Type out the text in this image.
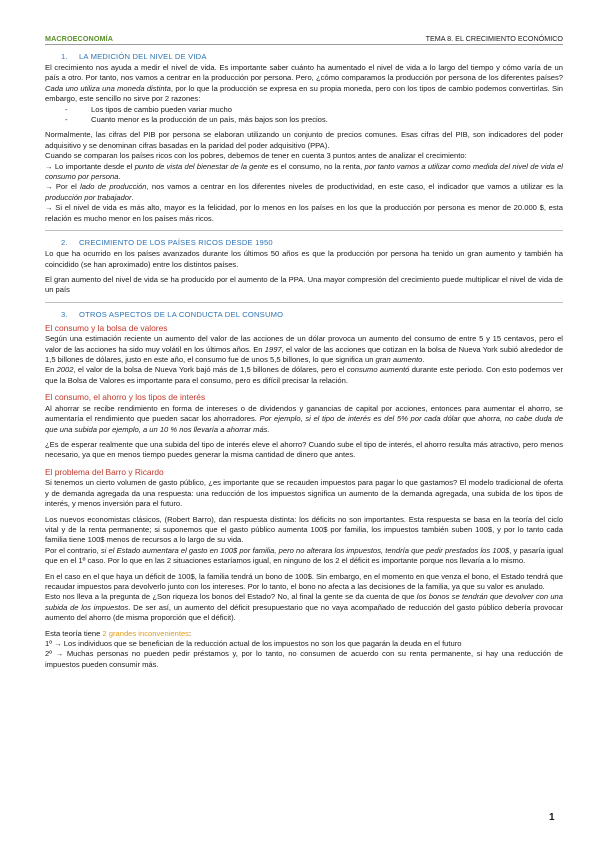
MACROECONOMÍA	TEMA 8. EL CRECIMIENTO ECONÓMICO
1. LA MEDICIÓN DEL NIVEL DE VIDA

El crecimiento nos ayuda a medir el nivel de vida. Es importante saber cuánto ha aumentado el nivel de vida a lo largo del tiempo y cómo varía de un país a otro. Por tanto, nos vamos a centrar en la producción por persona. Pero, ¿cómo comparamos la producción por persona de los diferentes países? Cada uno utiliza una moneda distinta, por lo que la producción se expresa en su propia moneda, pero con los tipos de cambio podemos convertirlas. Sin embargo, este sencillo no sirve por 2 razones:

- Los tipos de cambio pueden variar mucho
- Cuanto menor es la producción de un país, más bajos son los precios.

Normalmente, las cifras del PIB por persona se elaboran utilizando un conjunto de precios comunes. Esas cifras del PIB, son indicadores del poder adquisitivo y se denominan cifras basadas en la paridad del poder adquisitivo (PPA).

Cuando se comparan los países ricos con los pobres, debemos de tener en cuenta 3 puntos antes de analizar el crecimiento:

→ Lo importante desde el punto de vista del bienestar de la gente es el consumo, no la renta, por tanto vamos a utilizar como medida del nivel de vida el consumo por persona.

→ Por el lado de producción, nos vamos a centrar en los diferentes niveles de productividad, en este caso, el indicador que vamos a utilizar es la producción por trabajador.

→ Si el nivel de vida es más alto, mayor es la felicidad, por lo menos en los países en los que la producción por persona es menor de 20.000 $, esta relación es mucho menor en los países más ricos.

2. CRECIMIENTO DE LOS PAÍSES RICOS DESDE 1950

Lo que ha ocurrido en los países avanzados durante los últimos 50 años es que la producción por persona ha tenido un gran aumento y también ha coincidido (se han aproximado) entre los distintos países.

El gran aumento del nivel de vida se ha producido por el aumento de la PPA. Una mayor compresión del crecimiento puede multiplicar el nivel de vida de un país

3. OTROS ASPECTOS DE LA CONDUCTA DEL CONSUMO
El consumo y la bolsa de valores

Según una estimación reciente un aumento del valor de las acciones de un dólar provoca un aumento del consumo de entre 5 y 15 centavos, pero el valor de las acciones ha sido muy volátil en los últimos años. En 1997, el valor de las acciones que cotizan en la bolsa de Nueva York subió alrededor de 1,5 billones de dólares, justo en este año, el consumo fue de unos 5,5 billones, lo que significa un gran aumento.

En 2002, el valor de la bolsa de Nueva York bajó más de 1,5 billones de dólares, pero el consumo aumentó durante este periodo. Con esto podemos ver que la Bolsa de Valores es importante para el consumo, pero es difícil precisar la relación.

El consumo, el ahorro y los tipos de interés

Al ahorrar se recibe rendimiento en forma de intereses o de dividendos y ganancias de capital por acciones, entonces para aumentar el ahorro, se aumentaría el rendimiento que pueden sacar los ahorradores. Por ejemplo, si el tipo de interés es del 5% por cada dólar que ahorra, no cabe duda de que una subida por ejemplo, a un 10 % nos llevaría a ahorrar más.

¿Es de esperar realmente que una subida del tipo de interés eleve el ahorro? Cuando sube el tipo de interés, el ahorro resulta más atractivo, pero menos necesario, ya que en menos tiempo puedes generar la misma cantidad de dinero que antes.

El problema del Barro y Ricardo

Si tenemos un cierto volumen de gasto público, ¿es importante que se recauden impuestos para pagar lo que gastamos? El modelo tradicional de oferta y de demanda agregada da una respuesta: una reducción de los impuestos significa un aumento de la demanda agregada, una subida de los tipos de interés, y menos inversión para el futuro.

Los nuevos economistas clásicos, (Robert Barro), dan respuesta distinta: los déficits no son importantes. Esta respuesta se basa en la teoría del ciclo vital y de la renta permanente; si suponemos que el gasto público aumenta 100$ por familia, los impuestos también suben 100$, y por lo tanto cada familia tiene 100$ menos de recursos a lo largo de su vida.

Por el contrario, si el Estado aumentara el gasto en 100$ por familia, pero no alterara los impuestos, tendría que pedir prestados los 100$, y pasaría igual que en el 1º caso. Por lo que en las 2 situaciones estaríamos igual, en ninguno de los 2 el déficit es importante porque nos llevaría a lo mismo.

En el caso en el que haya un déficit de 100$, la familia tendrá un bono de 100$. Sin embargo, en el momento en que venza el bono, el Estado tendrá que recaudar impuestos para devolverlo junto con los intereses. Por lo tanto, el bono no afecta a las decisiones de la familia, ya que su valor es anulado.

Esto nos lleva a la pregunta de ¿Son riqueza los bonos del Estado? No, al final la gente se da cuenta de que los bonos se tendrán que devolver con una subida de los impuestos. De ser así, un aumento del déficit presupuestario que no vaya acompañado de reducción del gasto público debería provocar aumento del ahorro (de misma proporción que el déficit).

Esta teoría tiene 2 grandes inconvenientes:

1º → Los individuos que se benefician de la reducción actual de los impuestos no son los que pagarán la deuda en el futuro

2º → Muchas personas no pueden pedir préstamos y, por lo tanto, no consumen de acuerdo con su renta permanente, si hay una reducción de impuestos pueden consumir más.

1
